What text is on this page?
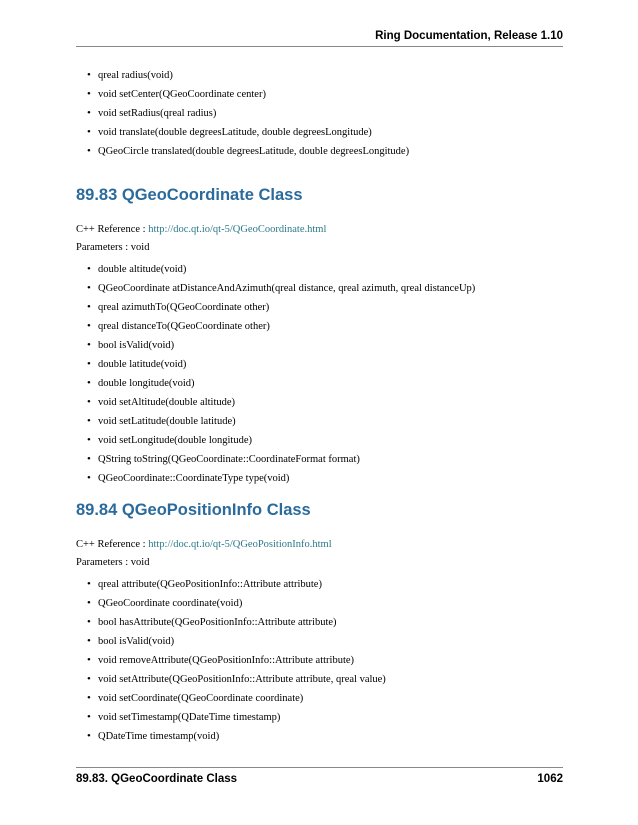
Ring Documentation, Release 1.10
• qreal radius(void)
• void setCenter(QGeoCoordinate center)
• void setRadius(qreal radius)
• void translate(double degreesLatitude, double degreesLongitude)
• QGeoCircle translated(double degreesLatitude, double degreesLongitude)
89.83 QGeoCoordinate Class
C++ Reference : http://doc.qt.io/qt-5/QGeoCoordinate.html
Parameters : void
• double altitude(void)
• QGeoCoordinate atDistanceAndAzimuth(qreal distance, qreal azimuth, qreal distanceUp)
• qreal azimuthTo(QGeoCoordinate other)
• qreal distanceTo(QGeoCoordinate other)
• bool isValid(void)
• double latitude(void)
• double longitude(void)
• void setAltitude(double altitude)
• void setLatitude(double latitude)
• void setLongitude(double longitude)
• QString toString(QGeoCoordinate::CoordinateFormat format)
• QGeoCoordinate::CoordinateType type(void)
89.84 QGeoPositionInfo Class
C++ Reference : http://doc.qt.io/qt-5/QGeoPositionInfo.html
Parameters : void
• qreal attribute(QGeoPositionInfo::Attribute attribute)
• QGeoCoordinate coordinate(void)
• bool hasAttribute(QGeoPositionInfo::Attribute attribute)
• bool isValid(void)
• void removeAttribute(QGeoPositionInfo::Attribute attribute)
• void setAttribute(QGeoPositionInfo::Attribute attribute, qreal value)
• void setCoordinate(QGeoCoordinate coordinate)
• void setTimestamp(QDateTime timestamp)
• QDateTime timestamp(void)
89.83. QGeoCoordinate Class	1062
